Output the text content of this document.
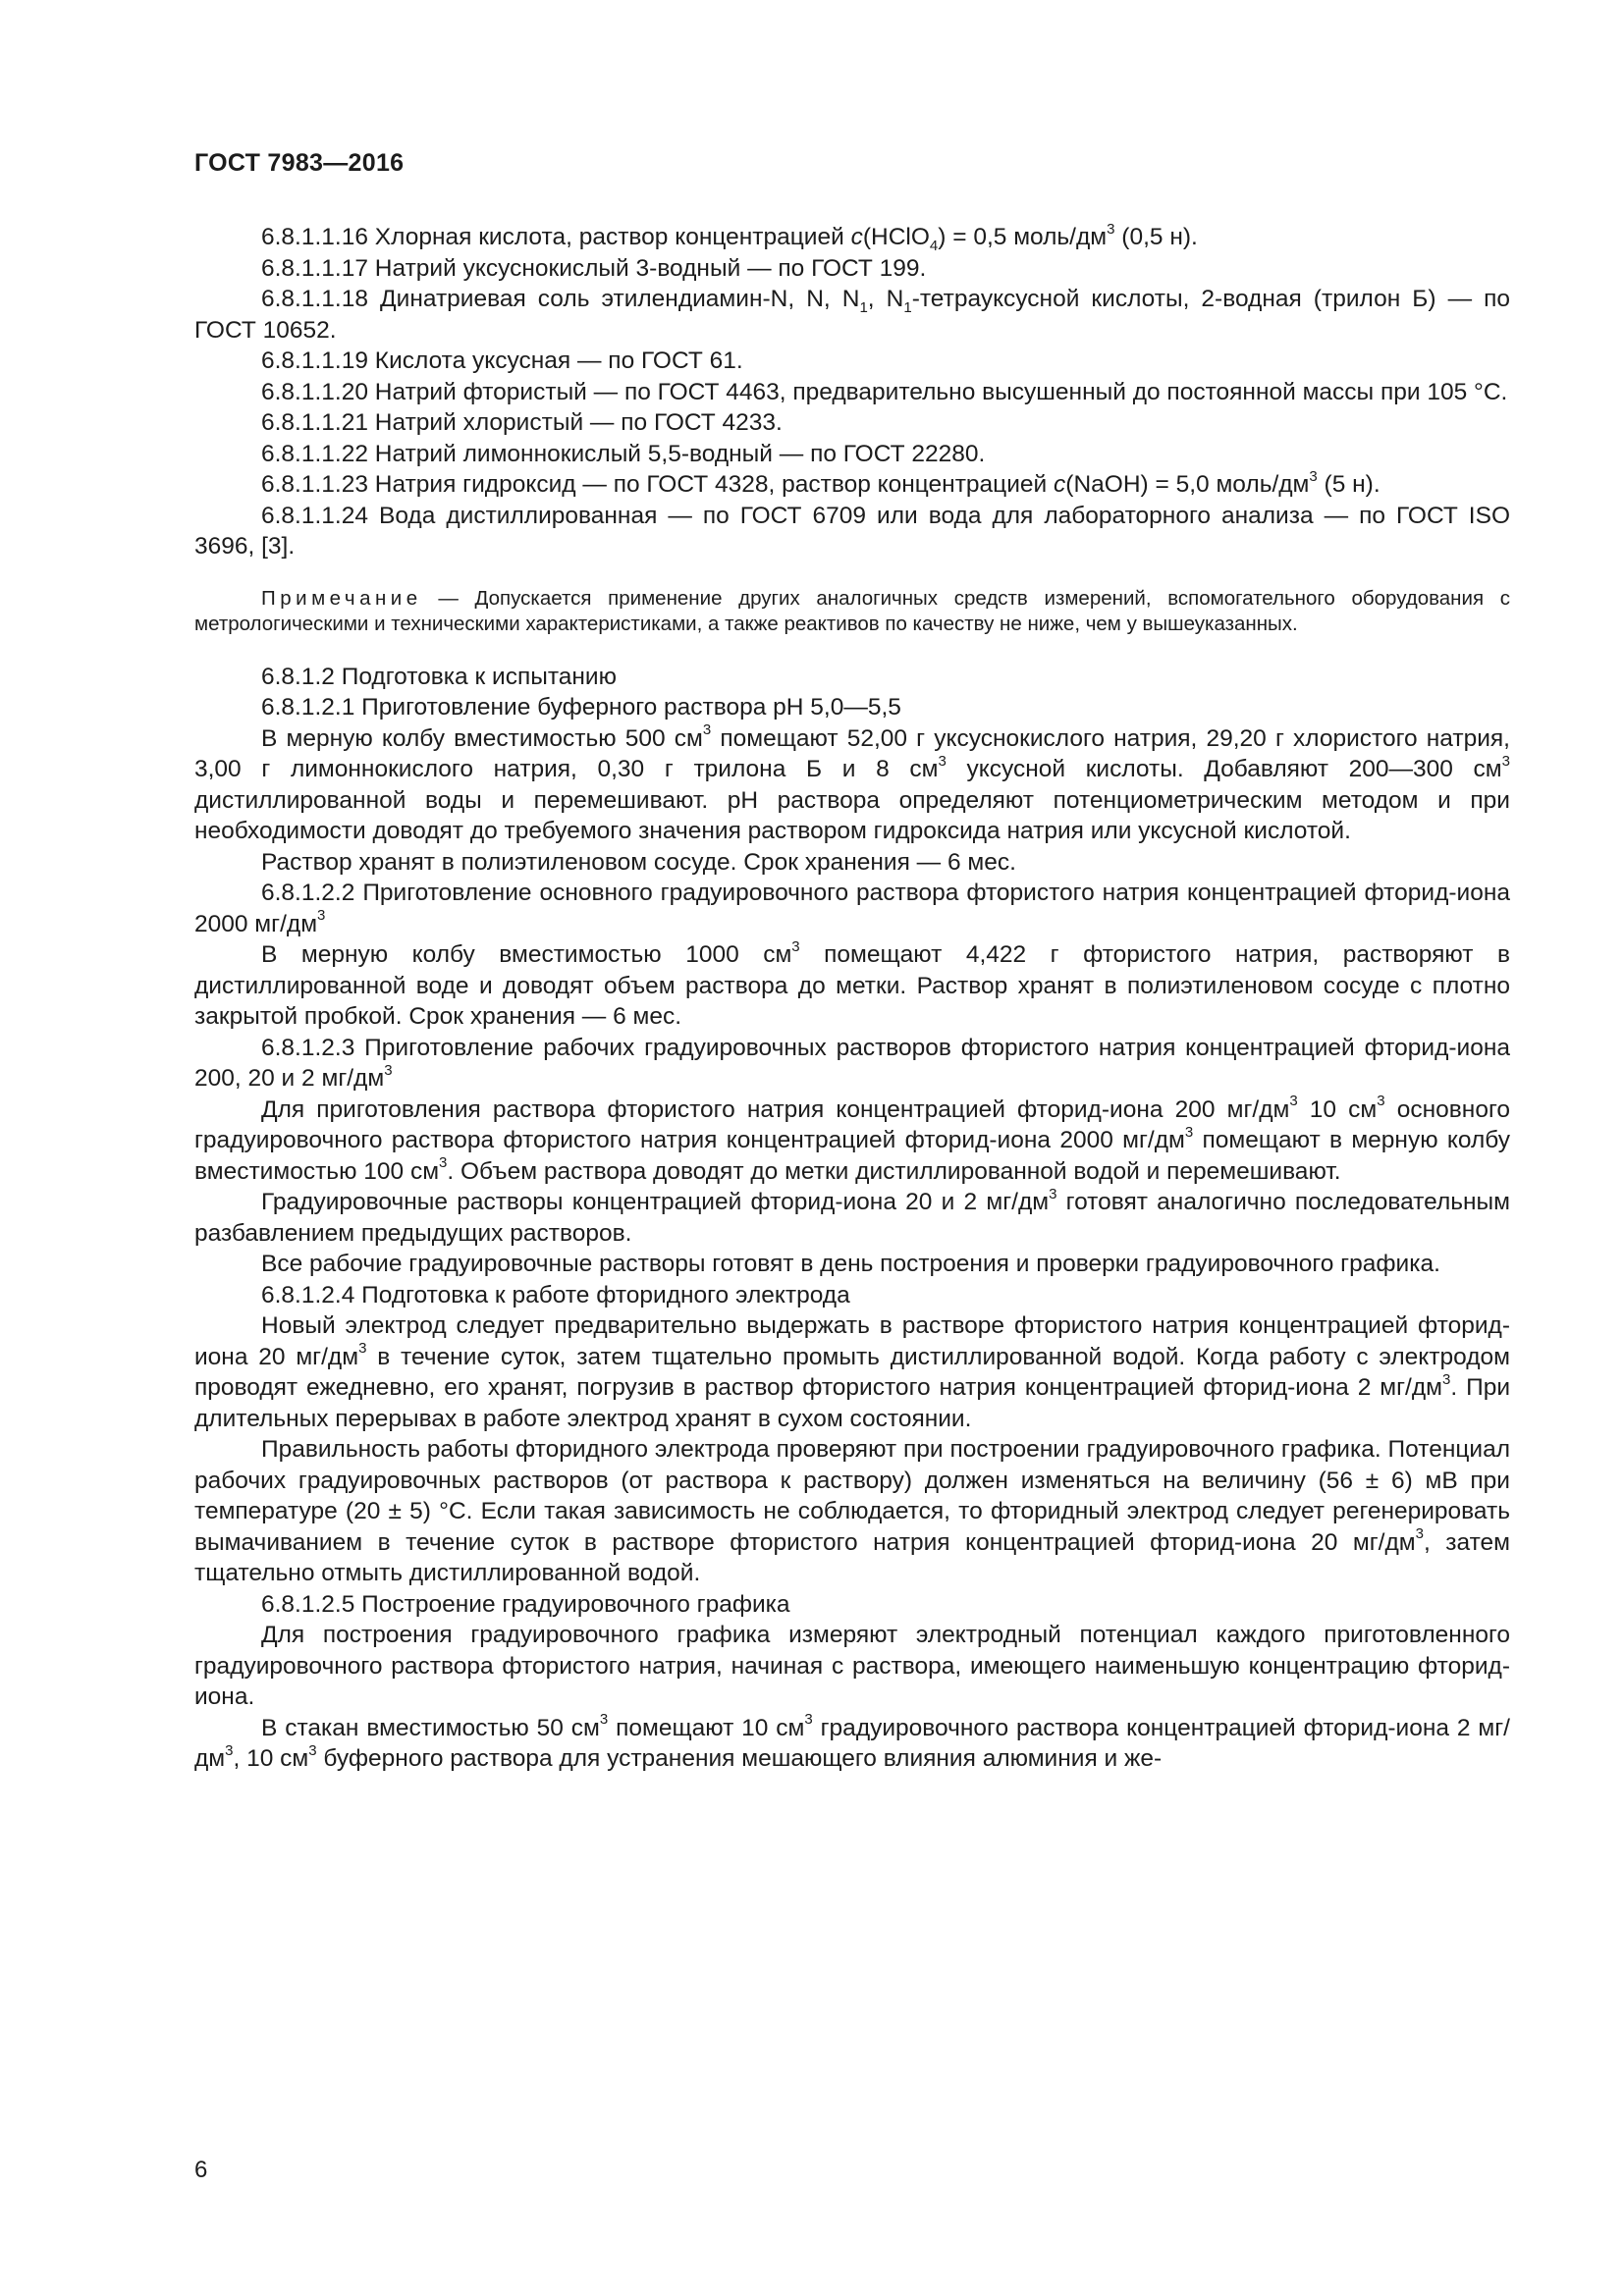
ГОСТ 7983—2016

6.8.1.1.16 Хлорная кислота, раствор концентрацией c(HClO$_4$) = 0,5 моль/$дм^3$ (0,5 н).

6.8.1.1.17 Натрий уксуснокислый 3-водный — по ГОСТ 199.

6.8.1.1.18 Динатриевая соль этилендиамин-N, N, $N_1$, $N_1$-тетрауксусной кислоты, 2-водная (трилон Б) — по ГОСТ 10652.

6.8.1.1.19 Кислота уксусная — по ГОСТ 61.

6.8.1.1.20 Натрий фтористый — по ГОСТ 4463, предварительно высушенный до постоянной массы при 105 °С.

6.8.1.1.21 Натрий хлористый — по ГОСТ 4233.

6.8.1.1.22 Натрий лимоннокислый 5,5-водный — по ГОСТ 22280.

6.8.1.1.23 Натрия гидроксид — по ГОСТ 4328, раствор концентрацией c(NaOH) = 5,0 моль/$дм^3$ (5 н).

6.8.1.1.24 Вода дистиллированная — по ГОСТ 6709 или вода для лабораторного анализа — по ГОСТ ISO 3696, [3].

Примечание — Допускается применение других аналогичных средств измерений, вспомогательного оборудования с метрологическими и техническими характеристиками, а также реактивов по качеству не ниже, чем у вышеуказанных.

6.8.1.2 Подготовка к испытанию

6.8.1.2.1 Приготовление буферного раствора рН 5,0—5,5

В мерную колбу вместимостью 500 $см^3$ помещают 52,00 г уксуснокислого натрия, 29,20 г хлористого натрия, 3,00 г лимоннокислого натрия, 0,30 г трилона Б и 8 $см^3$ уксусной кислоты. Добавляют 200—300 $см^3$ дистиллированной воды и перемешивают. рН раствора определяют потенциометрическим методом и при необходимости доводят до требуемого значения раствором гидроксида натрия или уксусной кислотой.

Раствор хранят в полиэтиленовом сосуде. Срок хранения — 6 мес.

6.8.1.2.2 Приготовление основного градуировочного раствора фтористого натрия концентрацией фторид-иона 2000 $мг/дм^3$

В мерную колбу вместимостью 1000 $см^3$ помещают 4,422 г фтористого натрия, растворяют в дистиллированной воде и доводят объем раствора до метки. Раствор хранят в полиэтиленовом сосуде с плотно закрытой пробкой. Срок хранения — 6 мес.

6.8.1.2.3 Приготовление рабочих градуировочных растворов фтористого натрия концентрацией фторид-иона 200, 20 и 2 $мг/дм^3$

Для приготовления раствора фтористого натрия концентрацией фторид-иона 200 $мг/дм^3$ 10 $см^3$ основного градуировочного раствора фтористого натрия концентрацией фторид-иона 2000 $мг/дм^3$ помещают в мерную колбу вместимостью 100 $см^3$. Объем раствора доводят до метки дистиллированной водой и перемешивают.

Градуировочные растворы концентрацией фторид-иона 20 и 2 $мг/дм^3$ готовят аналогично последовательным разбавлением предыдущих растворов.

Все рабочие градуировочные растворы готовят в день построения и проверки градуировочного графика.

6.8.1.2.4 Подготовка к работе фторидного электрода

Новый электрод следует предварительно выдержать в растворе фтористого натрия концентрацией фторид-иона 20 $мг/дм^3$ в течение суток, затем тщательно промыть дистиллированной водой. Когда работу с электродом проводят ежедневно, его хранят, погрузив в раствор фтористого натрия концентрацией фторид-иона 2 $мг/дм^3$. При длительных перерывах в работе электрод хранят в сухом состоянии.

Правильность работы фторидного электрода проверяют при построении градуировочного графика. Потенциал рабочих градуировочных растворов (от раствора к раствору) должен изменяться на величину (56 ± 6) мВ при температуре (20 ± 5) °С. Если такая зависимость не соблюдается, то фторидный электрод следует регенерировать вымачиванием в течение суток в растворе фтористого натрия концентрацией фторид-иона 20 $мг/дм^3$, затем тщательно отмыть дистиллированной водой.

6.8.1.2.5 Построение градуировочного графика

Для построения градуировочного графика измеряют электродный потенциал каждого приготовленного градуировочного раствора фтористого натрия, начиная с раствора, имеющего наименьшую концентрацию фторид-иона.

В стакан вместимостью 50 $см^3$ помещают 10 $см^3$ градуировочного раствора концентрацией фторид-иона 2 $мг/дм^3$, 10 $см^3$ буферного раствора для устранения мешающего влияния алюминия и же-

6
